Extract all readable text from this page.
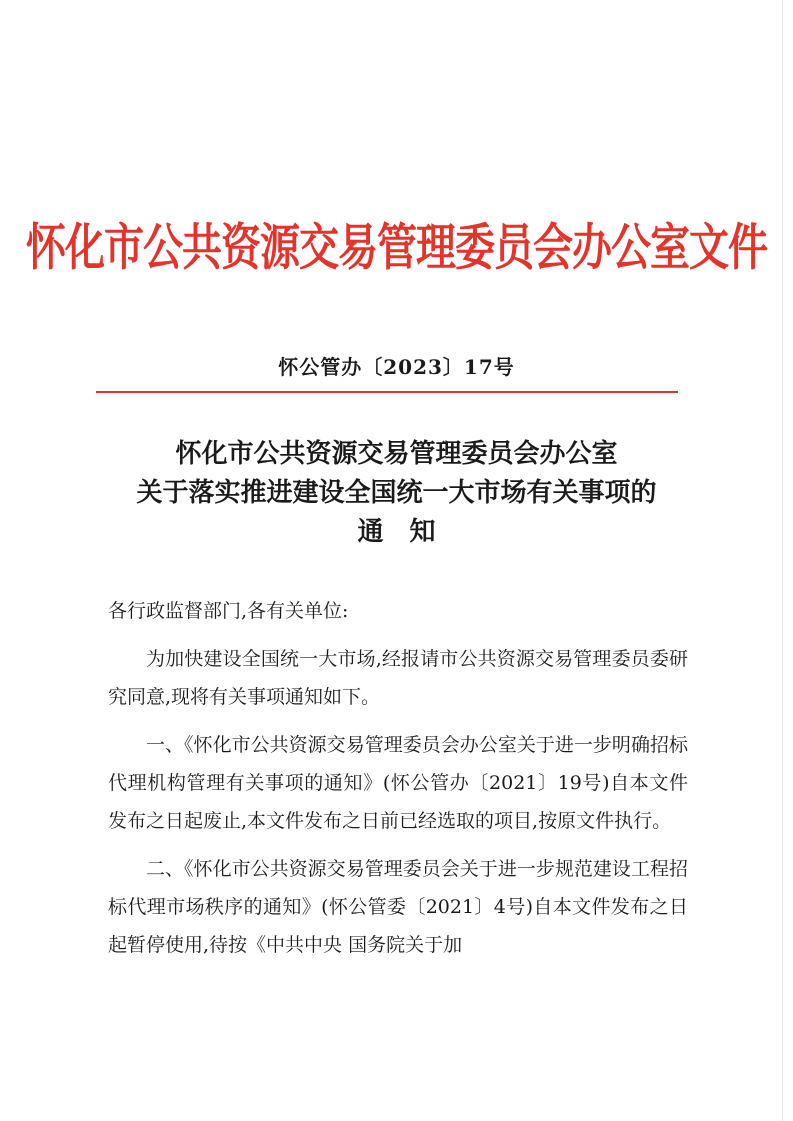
怀化市公共资源交易管理委员会办公室文件
怀公管办〔2023〕17号
怀化市公共资源交易管理委员会办公室
关于落实推进建设全国统一大市场有关事项的
通知

各行政监督部门,各有关单位:

为加快建设全国统一大市场,经报请市公共资源交易管理委员委研究同意,现将有关事项通知如下。

一、《怀化市公共资源交易管理委员会办公室关于进一步明确招标代理机构管理有关事项的通知》(怀公管办〔2021〕19号)自本文件发布之日起废止,本文件发布之日前已经选取的项目,按原文件执行。

二、《怀化市公共资源交易管理委员会关于进一步规范建设工程招标代理市场秩序的通知》(怀公管委〔2021〕4号)自本文件发布之日起暂停使用,待按《中共中央 国务院关于加
